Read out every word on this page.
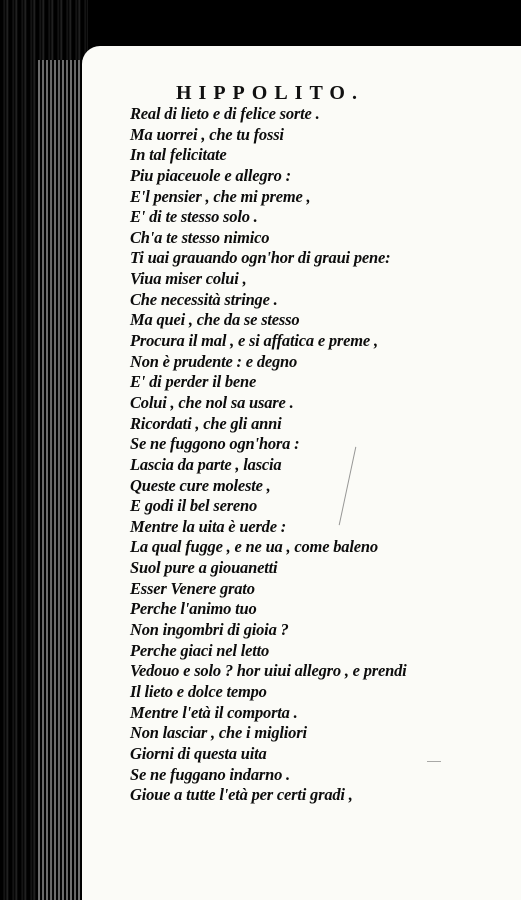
HIPPOLITO.
Real di lieto e di felice sorte .
Ma uorrei , che tu fossi
In tal felicitate
Piu piaceuole e allegro :
E'l pensier , che mi preme ,
E' di te stesso solo .
Ch'a te stesso nimico
Ti uai grauando ogn'hor di graui pene:
Viua miser colui ,
Che necessità stringe .
Ma quei , che da se stesso
Procura il mal , e si affatica e preme ,
Non è prudente : e degno
E' di perder il bene
Colui , che nol sa usare .
Ricordati , che gli anni
Se ne fuggono ogn'hora :
Lascia da parte , lascia
Queste cure moleste ,
E godi il bel sereno
Mentre la uita è uerde :
La qual fugge , e ne ua , come baleno
Suol pure a giouanetti
Esser Venere grato
Perche l'animo tuo
Non ingombri di gioia ?
Perche giaci nel letto
Vedouo e solo ? hor uiui allegro , e prendi
Il lieto e dolce tempo
Mentre l'età il comporta .
Non lasciar , che i migliori
Giorni di questa uita
Se ne fuggano indarno .
Gioue a tutte l'età per certi gradi ,
